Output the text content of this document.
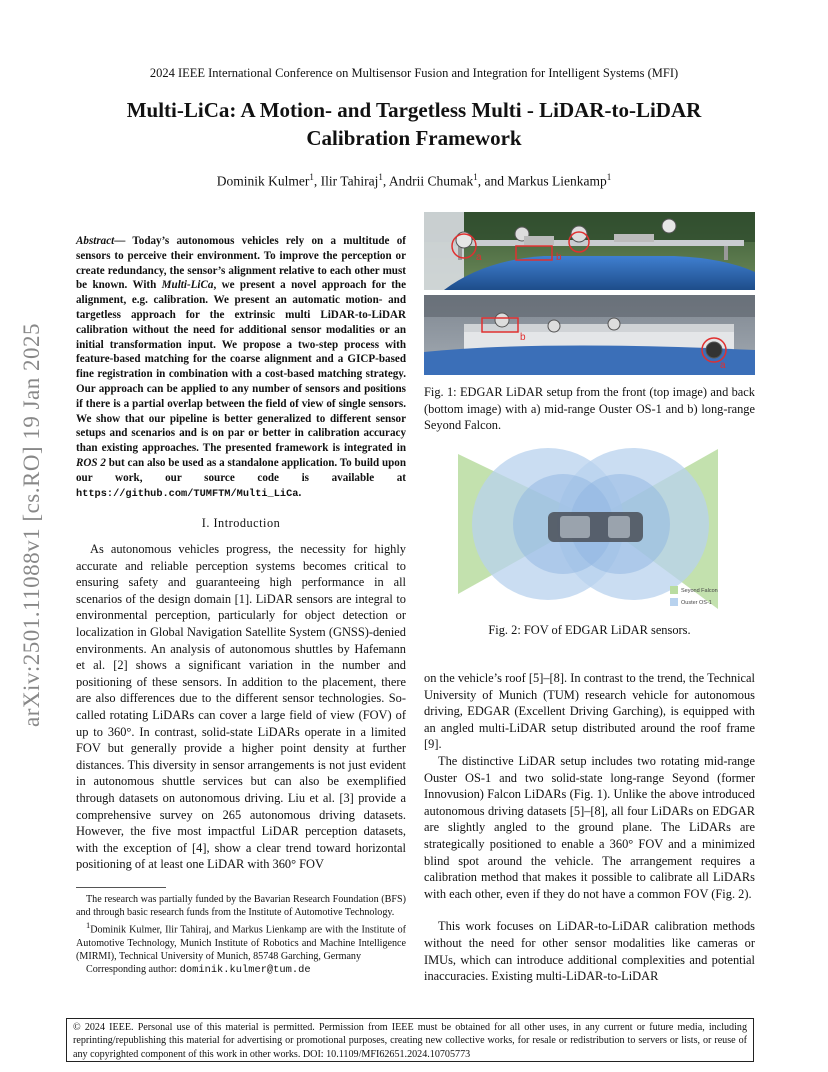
2024 IEEE International Conference on Multisensor Fusion and Integration for Intelligent Systems (MFI)
Multi-LiCa: A Motion- and Targetless Multi - LiDAR-to-LiDAR
Calibration Framework
Dominik Kulmer$^1$, Ilir Tahiraj$^1$, Andrii Chumak$^1$, and Markus Lienkamp$^1$
arXiv:2501.11088v1 [cs.RO] 19 Jan 2025
Abstract— Today’s autonomous vehicles rely on a multitude of sensors to perceive their environment. To improve the perception or create redundancy, the sensor’s alignment relative to each other must be known. With Multi-LiCa, we present a novel approach for the alignment, e.g. calibration. We present an automatic motion- and targetless approach for the extrinsic multi LiDAR-to-LiDAR calibration without the need for additional sensor modalities or an initial transformation input. We propose a two-step process with feature-based matching for the coarse alignment and a GICP-based fine registration in combination with a cost-based matching strategy. Our approach can be applied to any number of sensors and positions if there is a partial overlap between the field of view of single sensors. We show that our pipeline is better generalized to different sensor setups and scenarios and is on par or better in calibration accuracy than existing approaches. The presented framework is integrated in ROS 2 but can also be used as a standalone application. To build upon our work, our source code is available at https://github.com/TUMFTM/Multi_LiCa.
I. Introduction

As autonomous vehicles progress, the necessity for highly accurate and reliable perception systems becomes critical to ensuring safety and guaranteeing high performance in all scenarios of the design domain [1]. LiDAR sensors are integral to environmental perception, particularly for object detection or localization in Global Navigation Satellite System (GNSS)-denied environments. An analysis of autonomous shuttles by Hafemann et al. [2] shows a significant variation in the number and positioning of these sensors. In addition to the placement, there are also differences due to the different sensor technologies. So-called rotating LiDARs can cover a large field of view (FOV) of up to 360°. In contrast, solid-state LiDARs operate in a limited FOV but generally provide a higher point density at further distances. This diversity in sensor arrangements is not just evident in autonomous shuttle services but can also be exemplified through datasets on autonomous driving. Liu et al. [3] provide a comprehensive survey on 265 autonomous driving datasets. However, the five most impactful LiDAR perception datasets, with the exception of [4], show a clear trend toward horizontal positioning of at least one LiDAR with 360° FOV

The research was partially funded by the Bavarian Research Foundation (BFS) and through basic research funds from the Institute of Automotive Technology.

$^1$Dominik Kulmer, Ilir Tahiraj, and Markus Lienkamp are with the Institute of Automotive Technology, Munich Institute of Robotics and Machine Intelligence (MIRMI), Technical University of Munich, 85748 Garching, Germany

Corresponding author: dominik.kulmer@tum.de

a	b
b
a
Fig. 1: EDGAR LiDAR setup from the front (top image) and back (bottom image) with a) mid-range Ouster OS-1 and b) long-range Seyond Falcon.
Seyond Falcon
Ouster OS-1
Fig. 2: FOV of EDGAR LiDAR sensors.

on the vehicle’s roof [5]–[8]. In contrast to the trend, the Technical University of Munich (TUM) research vehicle for autonomous driving, EDGAR (Excellent Driving Garching), is equipped with an angled multi-LiDAR setup distributed around the roof frame [9].

The distinctive LiDAR setup includes two rotating mid-range Ouster OS-1 and two solid-state long-range Seyond (former Innovusion) Falcon LiDARs (Fig. 1). Unlike the above introduced autonomous driving datasets [5]–[8], all four LiDARs on EDGAR are slightly angled to the ground plane. The LiDARs are strategically positioned to enable a 360° FOV and a minimized blind spot around the vehicle. The arrangement requires a calibration method that makes it possible to calibrate all LiDARs with each other, even if they do not have a common FOV (Fig. 2).

This work focuses on LiDAR-to-LiDAR calibration methods without the need for other sensor modalities like cameras or IMUs, which can introduce additional complexities and potential inaccuracies. Existing multi-LiDAR-to-LiDAR

© 2024 IEEE. Personal use of this material is permitted. Permission from IEEE must be obtained for all other uses, in any current or future media, including reprinting/republishing this material for advertising or promotional purposes, creating new collective works, for resale or redistribution to servers or lists, or reuse of any copyrighted component of this work in other works. DOI: 10.1109/MFI62651.2024.10705773
